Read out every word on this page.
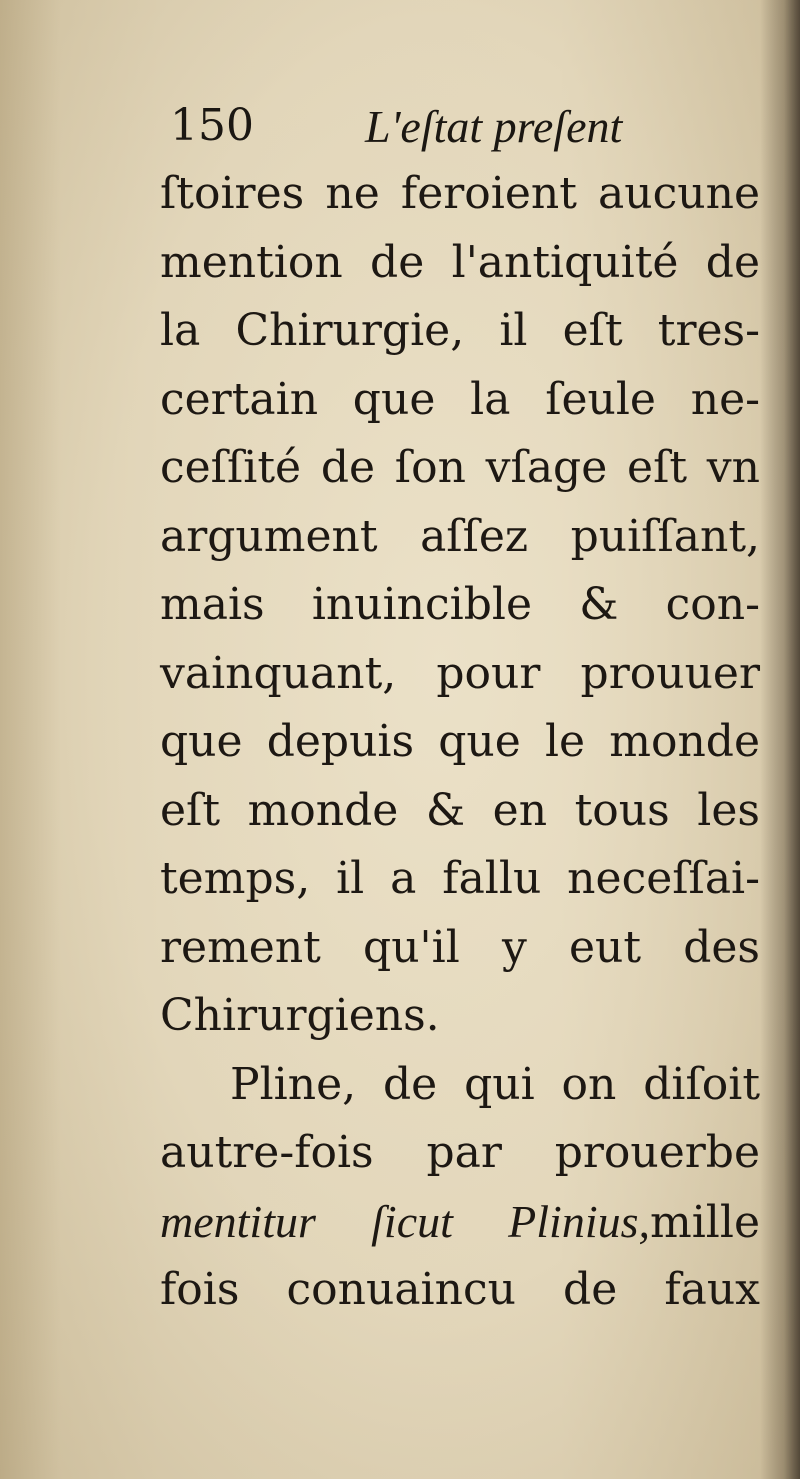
150 L'eſtat preſent
ſtoires ne feroient aucune
mention de l'antiquité de
la Chirurgie, il eſt tres-
certain que la ſeule ne-
ceſſité de ſon vſage eſt vn
argument aſſez puiſſant,
mais inuincible & con-
vainquant, pour prouuer
que depuis que le monde
eſt monde & en tous les
temps, il a fallu neceſſai-
rement qu'il y eut des
Chirurgiens.
Pline, de qui on diſoit
autre-fois par prouerbe
mentitur ſicut Plinius,mille
fois conuaincu de faux
